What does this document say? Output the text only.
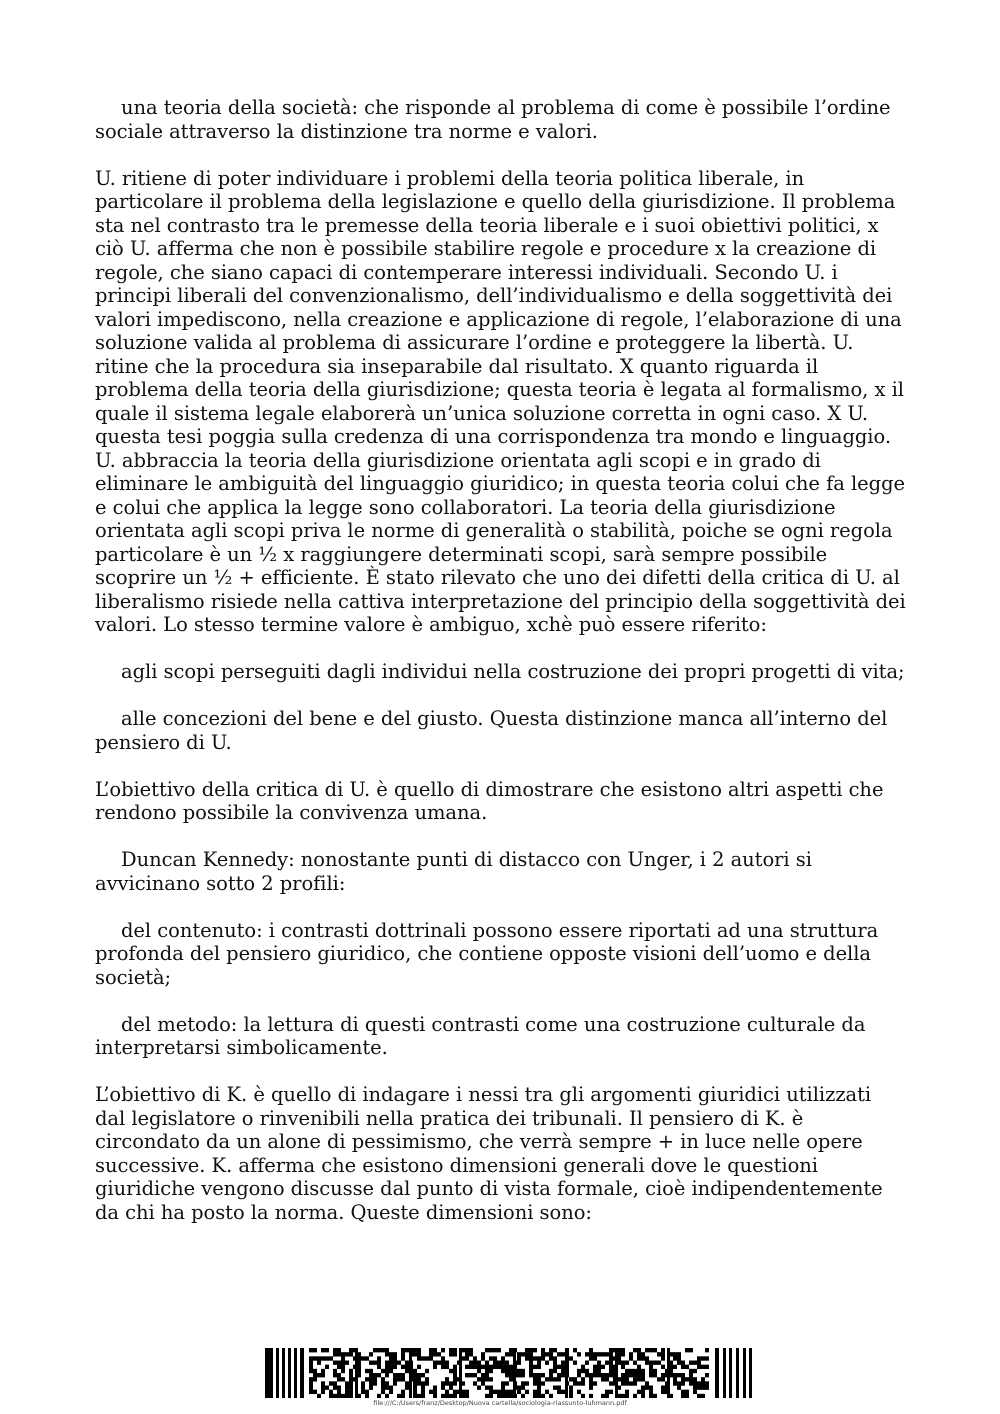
una teoria della società: che risponde al problema di come è possibile l’ordine sociale attraverso la distinzione tra norme e valori.

U. ritiene di poter individuare i problemi della teoria politica liberale, in particolare il problema della legislazione e quello della giurisdizione. Il problema sta nel contrasto tra le premesse della teoria liberale e i suoi obiettivi politici, x ciò U. afferma che non è possibile stabilire regole e procedure x la creazione di regole, che siano capaci di contemperare interessi individuali. Secondo U. i principi liberali del convenzionalismo, dell’individualismo e della soggettività dei valori impediscono, nella creazione e applicazione di regole, l’elaborazione di una soluzione valida al problema di assicurare l’ordine e proteggere la libertà. U. ritine che la procedura sia inseparabile dal risultato. X quanto riguarda il problema della teoria della giurisdizione; questa teoria è legata al formalismo, x il quale il sistema legale elaborerà un’unica soluzione corretta in ogni caso. X U. questa tesi poggia sulla credenza di una corrispondenza tra mondo e linguaggio. U. abbraccia la teoria della giurisdizione orientata agli scopi e in grado di eliminare le ambiguità del linguaggio giuridico; in questa teoria colui che fa legge e colui che applica la legge sono collaboratori. La teoria della giurisdizione orientata agli scopi priva le norme di generalità o stabilità, poiche se ogni regola particolare è un ½ x raggiungere determinati scopi, sarà sempre possibile scoprire un ½ + efficiente. È stato rilevato che uno dei difetti della critica di U. al liberalismo risiede nella cattiva interpretazione del principio della soggettività dei valori. Lo stesso termine valore è ambiguo, xchè può essere riferito:

agli scopi perseguiti dagli individui nella costruzione dei propri progetti di vita;

alle concezioni del bene e del giusto. Questa distinzione manca all’interno del pensiero di U.

L’obiettivo della critica di U. è quello di dimostrare che esistono altri aspetti che rendono possibile la convivenza umana.

Duncan Kennedy: nonostante punti di distacco con Unger, i 2 autori si avvicinano sotto 2 profili:

del contenuto: i contrasti dottrinali possono essere riportati ad una struttura profonda del pensiero giuridico, che contiene opposte visioni dell’uomo e della società;

del metodo: la lettura di questi contrasti come una costruzione culturale da interpretarsi simbolicamente.

L’obiettivo di K. è quello di indagare i nessi tra gli argomenti giuridici utilizzati dal legislatore o rinvenibili nella pratica dei tribunali. Il pensiero di K. è circondato da un alone di pessimismo, che verrà sempre + in luce nelle opere successive. K. afferma che esistono dimensioni generali dove le questioni giuridiche vengono discusse dal punto di vista formale, cioè indipendentemente da chi ha posto la norma. Queste dimensioni sono:

file:///C:/Users/franz/Desktop/Nuova cartella/sociologia-riassunto-luhmann.pdf
